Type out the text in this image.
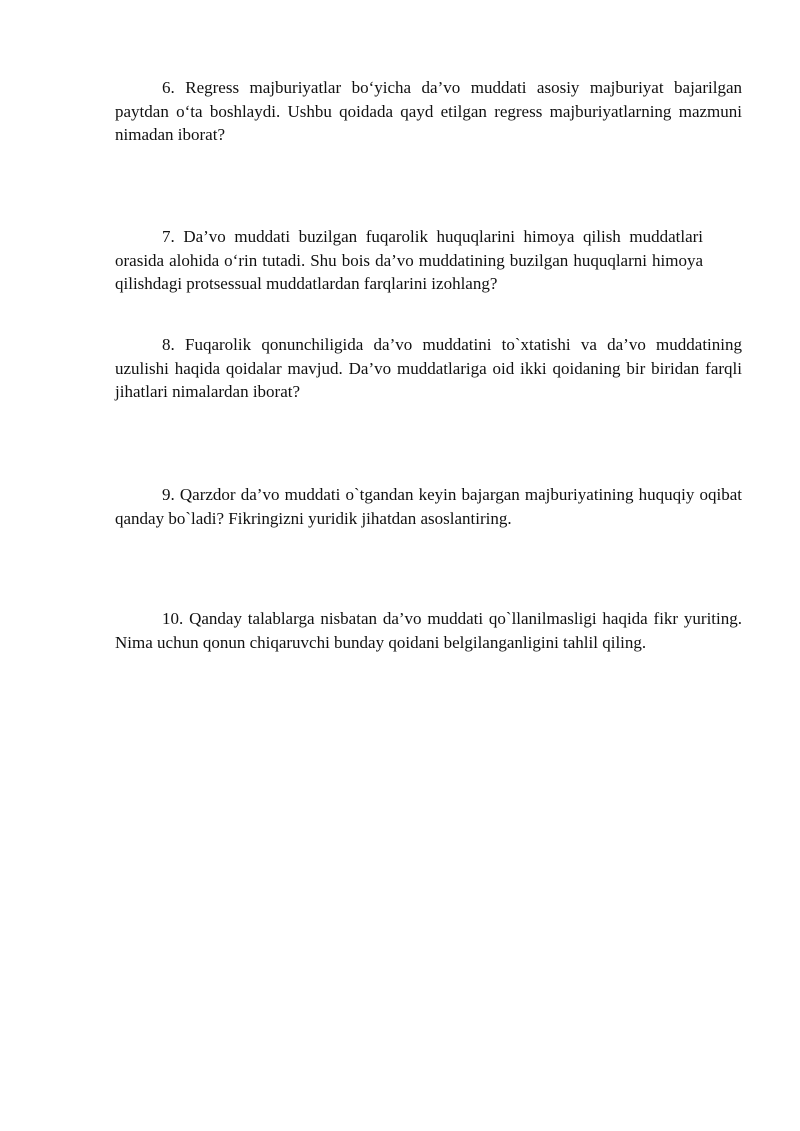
6. Regress majburiyatlar bo‘yicha da’vo muddati asosiy majburiyat bajarilgan paytdan o‘ta boshlaydi. Ushbu qoidada qayd etilgan regress majburiyatlarning mazmuni nimadan iborat?

7. Da’vo muddati buzilgan fuqarolik huquqlarini himoya qilish muddatlari orasida alohida o‘rin tutadi. Shu bois da’vo muddatining buzilgan huquqlarni himoya qilishdagi protsessual muddatlardan farqlarini izohlang?

8. Fuqarolik qonunchiligida da’vo muddatini to`xtatishi va da’vo muddatining uzulishi haqida qoidalar mavjud. Da’vo muddatlariga oid ikki qoidaning bir biridan farqli jihatlari nimalardan iborat?

9. Qarzdor da’vo muddati o`tgandan keyin bajargan majburiyatining huquqiy oqibat qanday bo`ladi? Fikringizni yuridik jihatdan asoslantiring.

10. Qanday talablarga nisbatan da’vo muddati qo`llanilmasligi haqida fikr yuriting. Nima uchun qonun chiqaruvchi bunday qoidani belgilanganligini tahlil qiling.
